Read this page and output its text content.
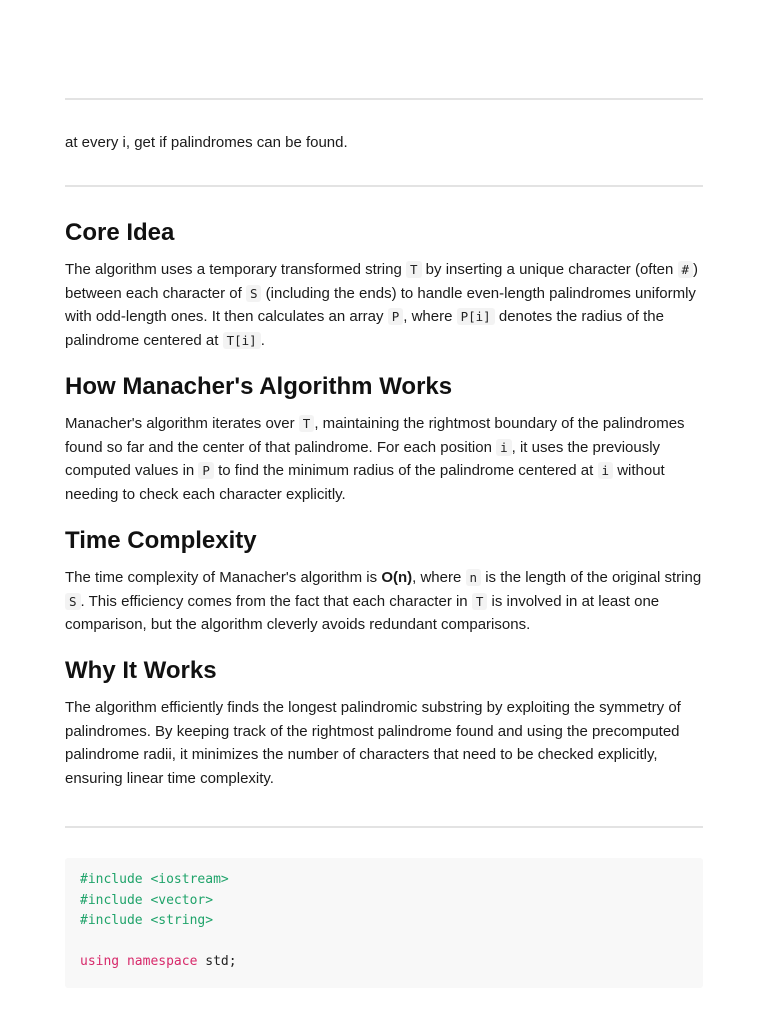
at every i, get if palindromes can be found.

Core Idea

The algorithm uses a temporary transformed string T by inserting a unique character (often # ) between each character of S (including the ends) to handle even-length palindromes uniformly with odd-length ones. It then calculates an array P , where P[i] denotes the radius of the palindrome centered at T[i] .

How Manacher's Algorithm Works

Manacher's algorithm iterates over T , maintaining the rightmost boundary of the palindromes found so far and the center of that palindrome. For each position i , it uses the previously computed values in P to find the minimum radius of the palindrome centered at i without needing to check each character explicitly.

Time Complexity

The time complexity of Manacher's algorithm is O(n), where n is the length of the original string S . This efficiency comes from the fact that each character in T is involved in at least one comparison, but the algorithm cleverly avoids redundant comparisons.

Why It Works

The algorithm efficiently finds the longest palindromic substring by exploiting the symmetry of palindromes. By keeping track of the rightmost palindrome found and using the precomputed palindrome radii, it minimizes the number of characters that need to be checked explicitly, ensuring linear time complexity.

#include <iostream>
#include <vector>
#include <string>

using namespace std;
